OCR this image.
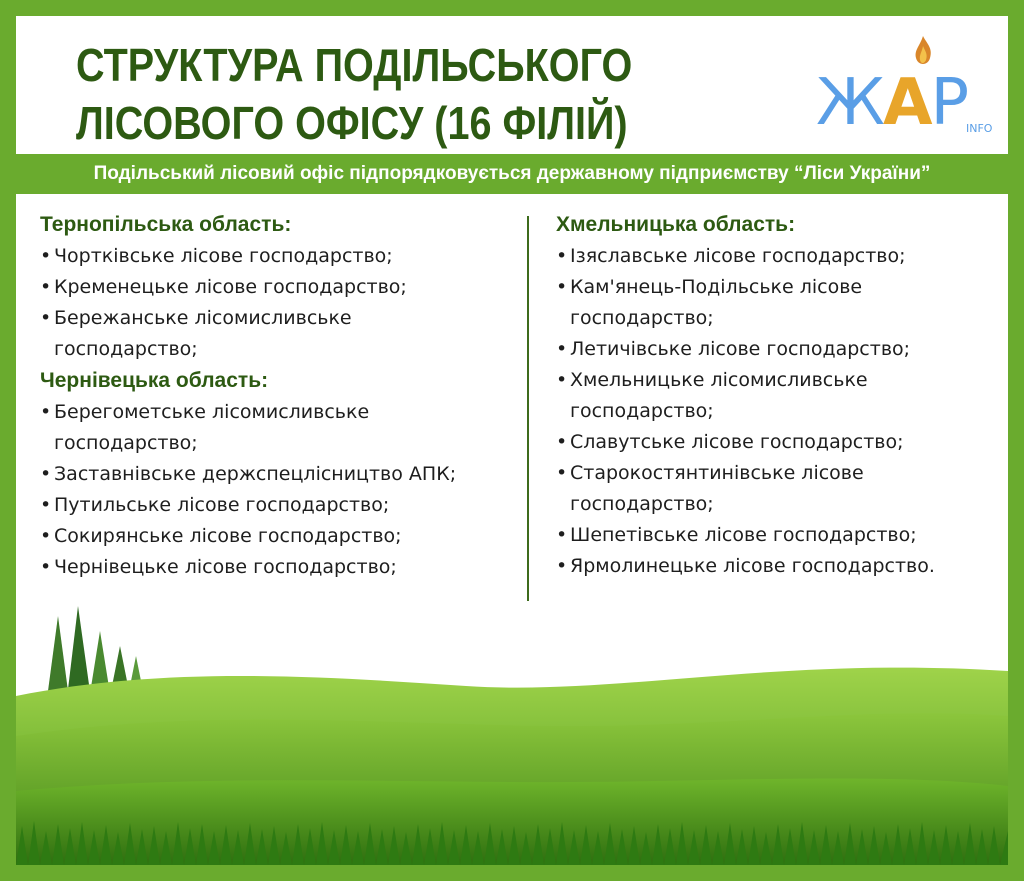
СТРУКТУРА ПОДІЛЬСЬКОГО
ЛІСОВОГО ОФІСУ (16 ФІЛІЙ)	ЖАР
INFO
Подільський лісовий офіс підпорядковується державному підприємству “Ліси України”
Тернопільська область:
• Чортківське лісове господарство;
• Кременецьке лісове господарство;
• Бережанське лісомисливське
господарство;
Чернівецька область:
• Берегометське лісомисливське
господарство;
• Заставнівське держспецлісництво АПК;
• Путильське лісове господарство;
• Сокирянське лісове господарство;
• Чернівецьке лісове господарство;
Хмельницька область:
• Ізяславське лісове господарство;
• Кам'янець-Подільське лісове
господарство;
• Летичівське лісове господарство;
• Хмельницьке лісомисливське
господарство;
• Славутське лісове господарство;
• Старокостянтинівське лісове
господарство;
• Шепетівське лісове господарство;
• Ярмолинецьке лісове господарство.
